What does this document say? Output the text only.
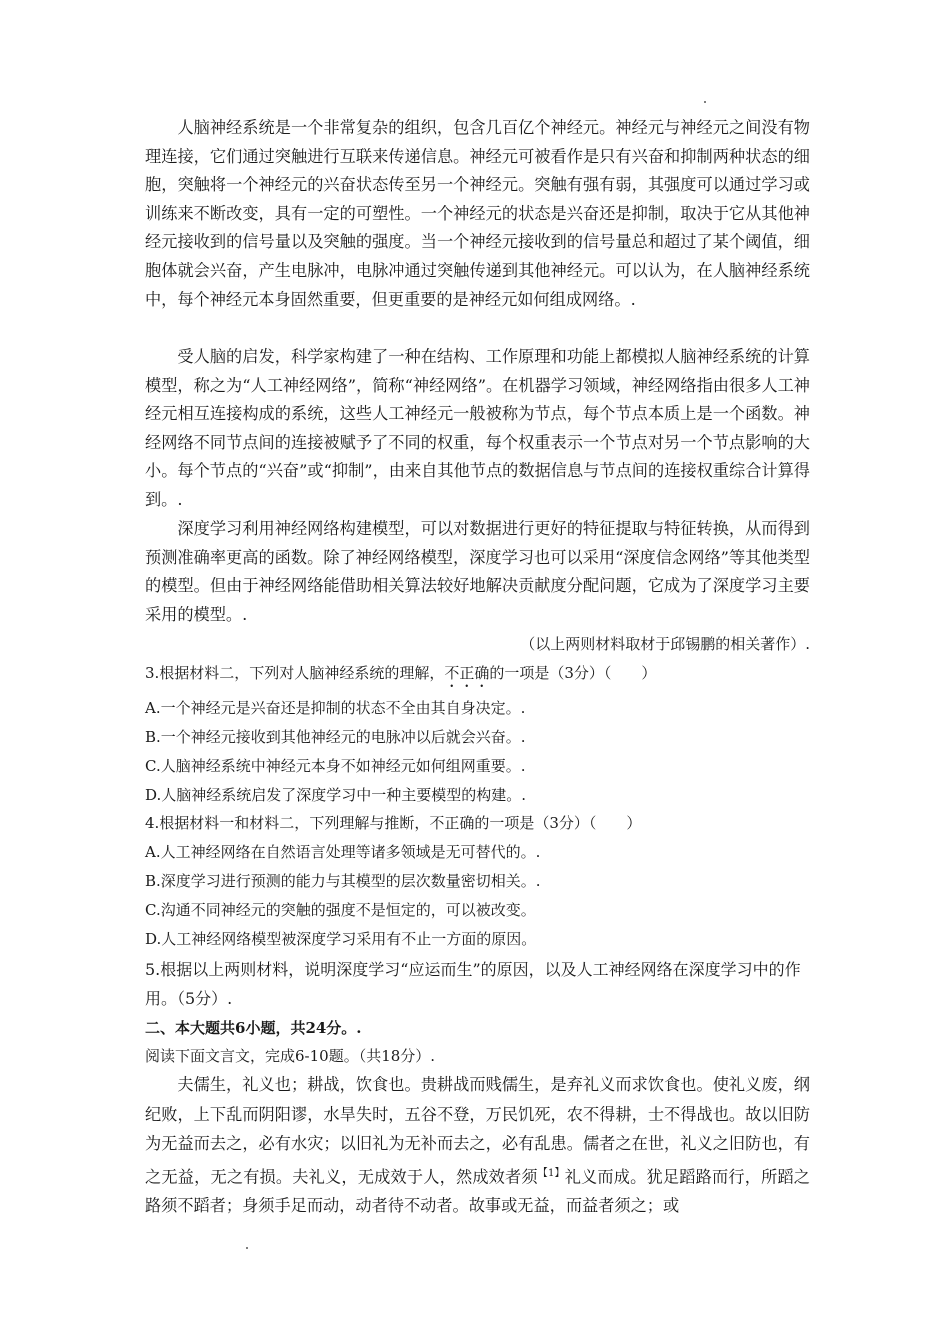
人脑神经系统是一个非常复杂的组织，包含几百亿个神经元。神经元与神经元之间没有物理连接，它们通过突触进行互联来传递信息。神经元可被看作是只有兴奋和抑制两种状态的细胞，突触将一个神经元的兴奋状态传至另一个神经元。突触有强有弱，其强度可以通过学习或训练来不断改变，具有一定的可塑性。一个神经元的状态是兴奋还是抑制，取决于它从其他神经元接收到的信号量以及突触的强度。当一个神经元接收到的信号量总和超过了某个阈值，细胞体就会兴奋，产生电脉冲，电脉冲通过突触传递到其他神经元。可以认为，在人脑神经系统中，每个神经元本身固然重要，但更重要的是神经元如何组成网络。.

受人脑的启发，科学家构建了一种在结构、工作原理和功能上都模拟人脑神经系统的计算模型，称之为“人工神经网络”，简称“神经网络”。在机器学习领域，神经网络指由很多人工神经元相互连接构成的系统，这些人工神经元一般被称为节点，每个节点本质上是一个函数。神经网络不同节点间的连接被赋予了不同的权重，每个权重表示一个节点对另一个节点影响的大小。每个节点的“兴奋”或“抑制”，由来自其他节点的数据信息与节点间的连接权重综合计算得到。.

深度学习利用神经网络构建模型，可以对数据进行更好的特征提取与特征转换，从而得到预测准确率更高的函数。除了神经网络模型，深度学习也可以采用“深度信念网络”等其他类型的模型。但由于神经网络能借助相关算法较好地解决贡献度分配问题，它成为了深度学习主要采用的模型。.

（以上两则材料取材于邱锡鹏的相关著作）.

3.根据材料二，下列对人脑神经系统的理解，不正确的一项是（3分）（　　）

A.一个神经元是兴奋还是抑制的状态不全由其自身决定。.

B.一个神经元接收到其他神经元的电脉冲以后就会兴奋。.

C.人脑神经系统中神经元本身不如神经元如何组网重要。.

D.人脑神经系统启发了深度学习中一种主要模型的构建。.

4.根据材料一和材料二，下列理解与推断，不正确的一项是（3分）（　　）

A.人工神经网络在自然语言处理等诸多领域是无可替代的。.

B.深度学习进行预测的能力与其模型的层次数量密切相关。.

C.沟通不同神经元的突触的强度不是恒定的，可以被改变。

D.人工神经网络模型被深度学习采用有不止一方面的原因。

5.根据以上两则材料，说明深度学习“应运而生”的原因，以及人工神经网络在深度学习中的作用。（5分）.

二、本大题共6小题，共24分。.

阅读下面文言文，完成6-10题。（共18分）.

夫儒生，礼义也；耕战，饮食也。贵耕战而贱儒生，是弃礼义而求饮食也。使礼义废，纲纪败，上下乱而阴阳谬，水旱失时，五谷不登，万民饥死，农不得耕，士不得战也。故以旧防为无益而去之，必有水灾；以旧礼为无补而去之，必有乱患。儒者之在世，礼义之旧防也，有之无益，无之有损。夫礼义，无成效于人，然成效者须$^{【1】}$礼义而成。犹足蹈路而行，所蹈之路须不蹈者；身须手足而动，动者待不动者。故事或无益，而益者须之；或
